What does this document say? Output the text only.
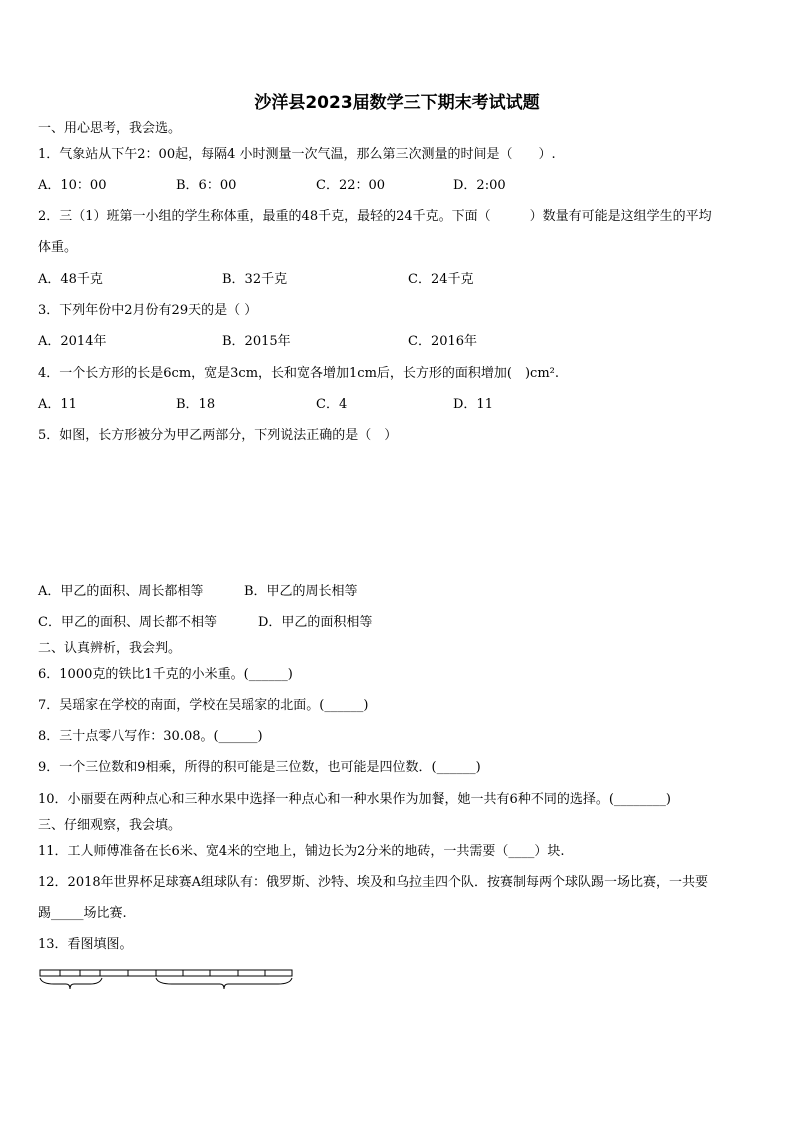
沙洋县2023届数学三下期末考试试题
一、用心思考，我会选。
1．气象站从下午2：00起，每隔4 小时测量一次气温，那么第三次测量的时间是（　　）.
A．10：00	B．6：00	C．22：00	D．2:00
2．三（1）班第一小组的学生称体重，最重的48千克，最轻的24千克。下面（　　　）数量有可能是这组学生的平均
体重。
A．48千克	B．32千克	C．24千克
3．下列年份中2月份有29天的是（ ）
A．2014年	B．2015年	C．2016年
4．一个长方形的长是6cm，宽是3cm，长和宽各增加1cm后，长方形的面积增加(　)cm².
A．11	B．18	C．4	D．11
5．如图，长方形被分为甲乙两部分，下列说法正确的是（　）
A．甲乙的面积、周长都相等	B．甲乙的周长相等
C．甲乙的面积、周长都不相等	D．甲乙的面积相等
二、认真辨析，我会判。
6．1000克的铁比1千克的小米重。(______)
7．吴瑶家在学校的南面，学校在吴瑶家的北面。(______)
8．三十点零八写作：30.08。(______)
9．一个三位数和9相乘，所得的积可能是三位数，也可能是四位数．(______)
10．小丽要在两种点心和三种水果中选择一种点心和一种水果作为加餐，她一共有6种不同的选择。(________)
三、仔细观察，我会填。
11．工人师傅准备在长6米、宽4米的空地上，铺边长为2分米的地砖，一共需要（____）块.
12．2018年世界杯足球赛A组球队有：俄罗斯、沙特、埃及和乌拉圭四个队．按赛制每两个球队踢一场比赛，一共要
踢_____场比赛.
13．看图填图。
